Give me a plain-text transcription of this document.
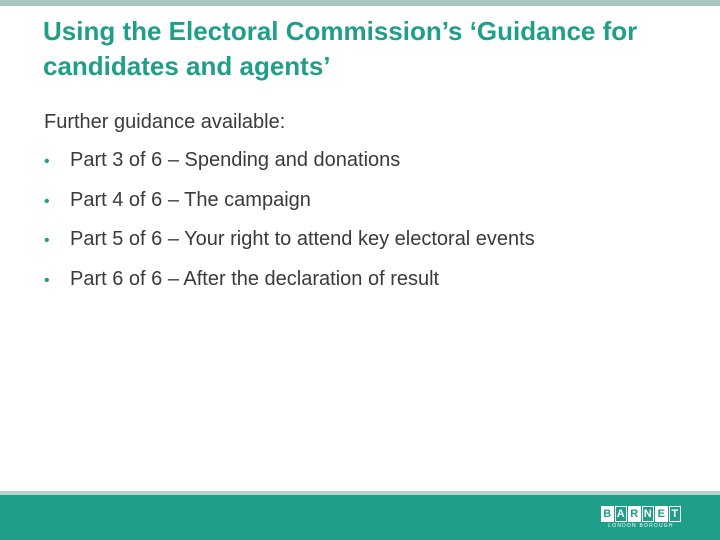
Using the Electoral Commission’s ‘Guidance for candidates and agents’

Further guidance available:

• Part 3 of 6 – Spending and donations
• Part 4 of 6 – The campaign
• Part 5 of 6 – Your right to attend key electoral events
• Part 6 of 6 – After the declaration of result
B A R N E T
LONDON BOROUGH
